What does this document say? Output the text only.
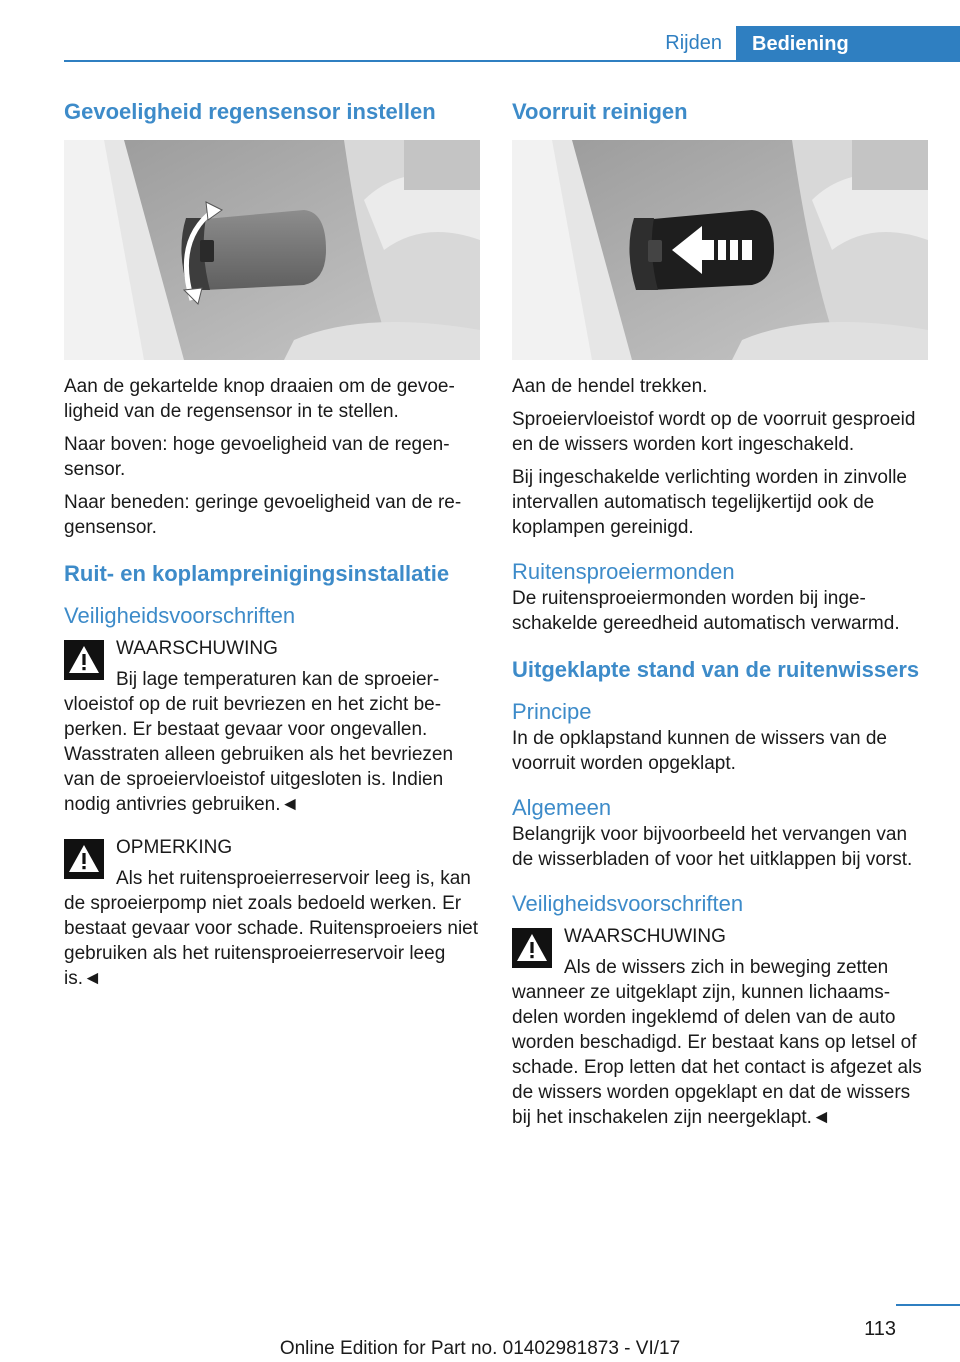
Rijden	Bediening
Gevoeligheid regensensor instellen

Aan de gekartelde knop draaien om de gevoeligheid van de regensensor in te stellen.

Naar boven: hoge gevoeligheid van de regensensor.

Naar beneden: geringe gevoeligheid van de regensensor.

Ruit- en koplampreinigingsinstallatie
Veiligheidsvoorschriften
WAARSCHUWING
Bij lage temperaturen kan de sproeiervloeistof op de ruit bevriezen en het zicht beperken. Er bestaat gevaar voor ongevallen. Wasstraten alleen gebruiken als het bevriezen van de sproeiervloeistof uitgesloten is. Indien nodig antivries gebruiken.◄
OPMERKING
Als het ruitensproeierreservoir leeg is, kan de sproeierpomp niet zoals bedoeld werken. Er bestaat gevaar voor schade. Ruitensproeiers niet gebruiken als het ruitensproeierreservoir leeg is.◄
Voorruit reinigen

Aan de hendel trekken.

Sproeiervloeistof wordt op de voorruit gesproeid en de wissers worden kort ingeschakeld.

Bij ingeschakelde verlichting worden in zinvolle intervallen automatisch tegelijkertijd ook de koplampen gereinigd.

Ruitensproeiermonden

De ruitensproeiermonden worden bij ingeschakelde gereedheid automatisch verwarmd.

Uitgeklapte stand van de ruitenwissers
Principe

In de opklapstand kunnen de wissers van de voorruit worden opgeklapt.

Algemeen

Belangrijk voor bijvoorbeeld het vervangen van de wisserbladen of voor het uitklappen bij vorst.

Veiligheidsvoorschriften
WAARSCHUWING
Als de wissers zich in beweging zetten wanneer ze uitgeklapt zijn, kunnen lichaamsdelen worden ingeklemd of delen van de auto worden beschadigd. Er bestaat kans op letsel of schade. Erop letten dat het contact is afgezet als de wissers worden opgeklapt en dat de wissers bij het inschakelen zijn neergeklapt.◄
113
Online Edition for Part no. 01402981873 - VI/17
